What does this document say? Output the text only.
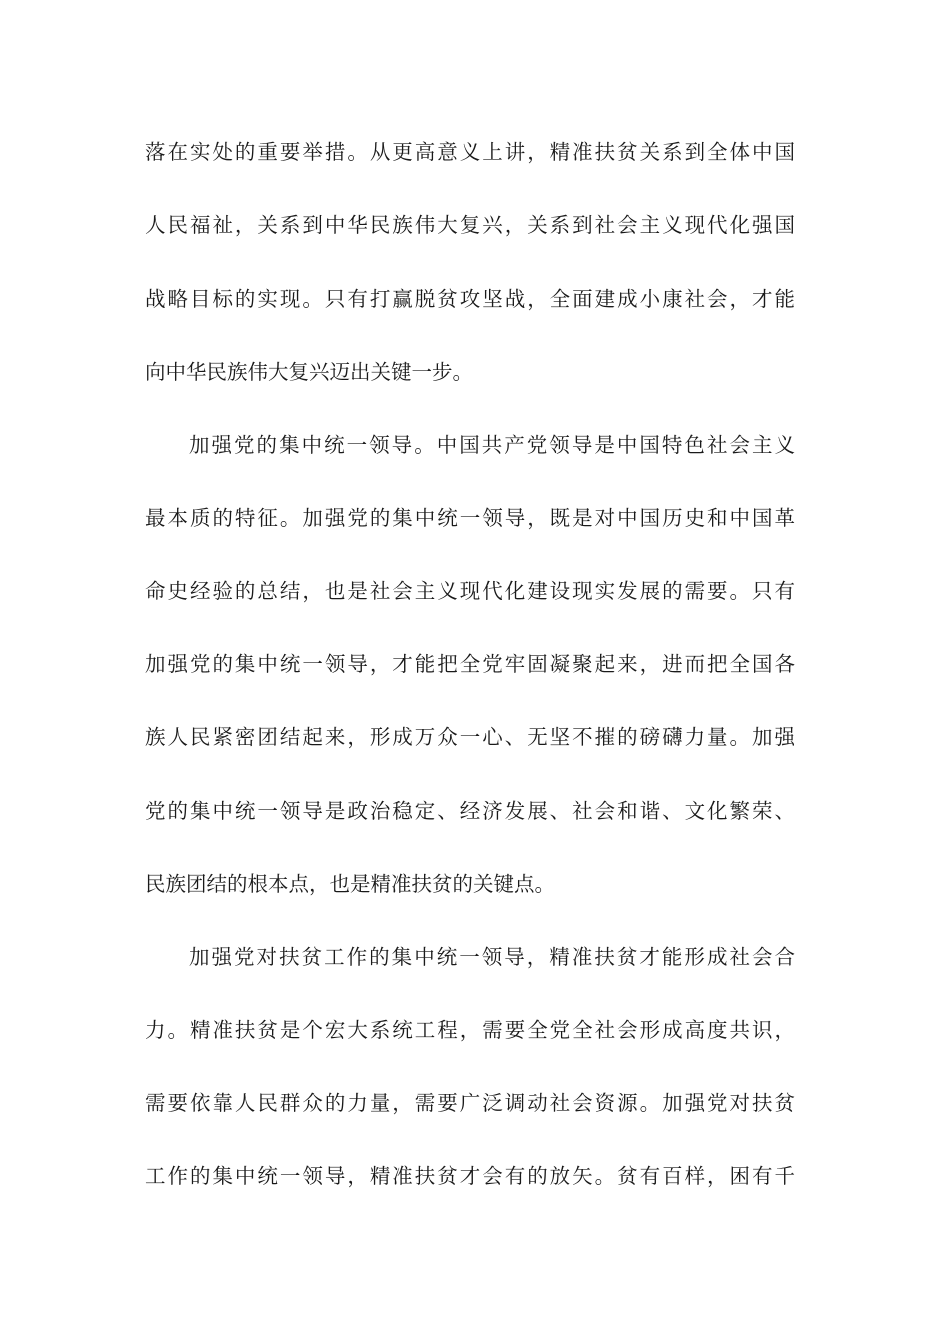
落在实处的重要举措。从更高意义上讲，精准扶贫关系到全体中国
人民福祉，关系到中华民族伟大复兴，关系到社会主义现代化强国
战略目标的实现。只有打赢脱贫攻坚战，全面建成小康社会，才能
向中华民族伟大复兴迈出关键一步。
加强党的集中统一领导。中国共产党领导是中国特色社会主义
最本质的特征。加强党的集中统一领导，既是对中国历史和中国革
命史经验的总结，也是社会主义现代化建设现实发展的需要。只有
加强党的集中统一领导，才能把全党牢固凝聚起来，进而把全国各
族人民紧密团结起来，形成万众一心、无坚不摧的磅礴力量。加强
党的集中统一领导是政治稳定、经济发展、社会和谐、文化繁荣、
民族团结的根本点，也是精准扶贫的关键点。
加强党对扶贫工作的集中统一领导，精准扶贫才能形成社会合
力。精准扶贫是个宏大系统工程，需要全党全社会形成高度共识，
需要依靠人民群众的力量，需要广泛调动社会资源。加强党对扶贫
工作的集中统一领导，精准扶贫才会有的放矢。贫有百样，困有千
